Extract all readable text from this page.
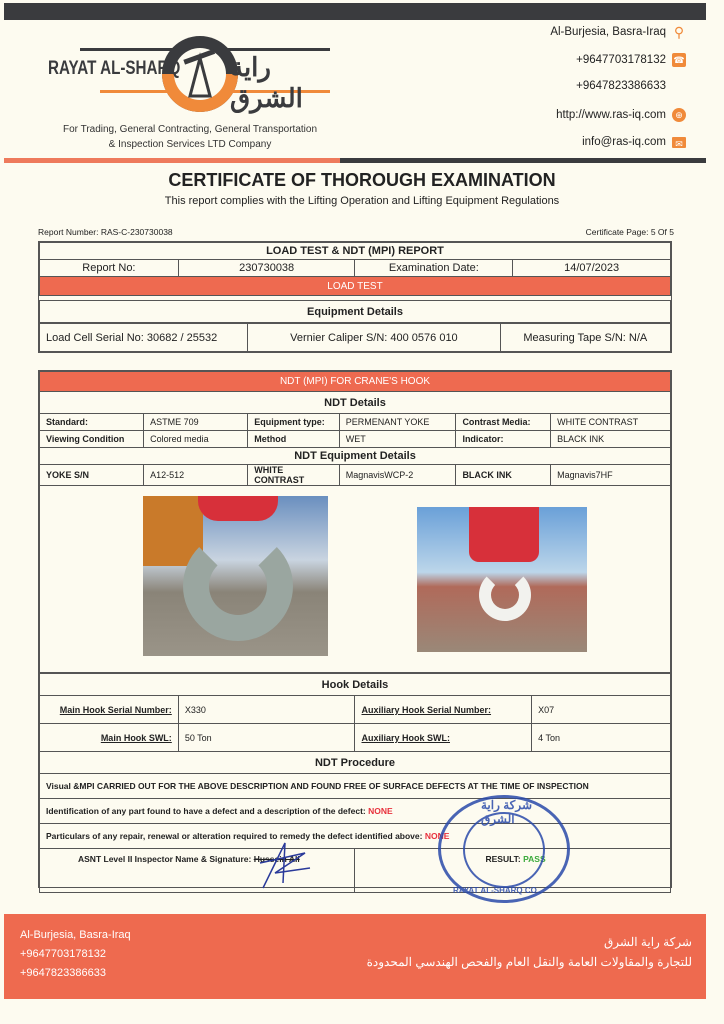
RAYAT AL-SHARQ راية الشرق
For Trading, General Contracting, General Transportation
& Inspection Services LTD Company
Al-Burjesia, Basra-Iraq ⚲
+9647703178132 ☎
+9647823386633
http://www.ras-iq.com	⊕
info@ras-iq.com	✉
CERTIFICATE OF THOROUGH EXAMINATION
This report complies with the Lifting Operation and Lifting Equipment Regulations
Report Number: RAS-C-230730038	Certificate Page: 5 Of 5
LOAD TEST & NDT (MPI) REPORT
Report No:	230730038	Examination Date:	14/07/2023
LOAD TEST

Equipment Details
Load Cell Serial No: 30682 / 25532	Vernier Caliper S/N: 400 0576 010	Measuring Tape S/N: N/A
NDT (MPI) FOR CRANE'S HOOK					
NDT Details					
Standard:	ASTME 709	Equipment type:	PERMENANT YOKE	Contrast Media:	WHITE CONTRAST
Viewing Condition	Colored media	Method	WET	Indicator:	BLACK INK
NDT Equipment Details					
YOKE S/N	A12-512	WHITE CONTRAST	MagnavisWCP-2	BLACK INK	Magnavis7HF

Hook Details			
Main Hook Serial Number:	X330	Auxiliary Hook Serial Number:	X07
Main Hook SWL:	50 Ton	Auxiliary Hook SWL:	4 Ton
NDT Procedure			
Visual &MPI CARRIED OUT FOR THE ABOVE DESCRIPTION AND FOUND FREE OF SURFACE DEFECTS AT THE TIME OF INSPECTION			
Identification of any part found to have a defect and a description of the defect: NONE			
Particulars of any repair, renewal or alteration required to remedy the defect identified above: NONE			
ASNT Level II Inspector Name & Signature: Hussein Ali		RESULT: PASS	
شركة راية الشرق
RAYAT AL-SHARQ CO.
Al-Burjesia, Basra-Iraq
+9647703178132
+9647823386633
شركة راية الشرق
للتجارة والمقاولات العامة والنقل العام والفحص الهندسي المحدودة
